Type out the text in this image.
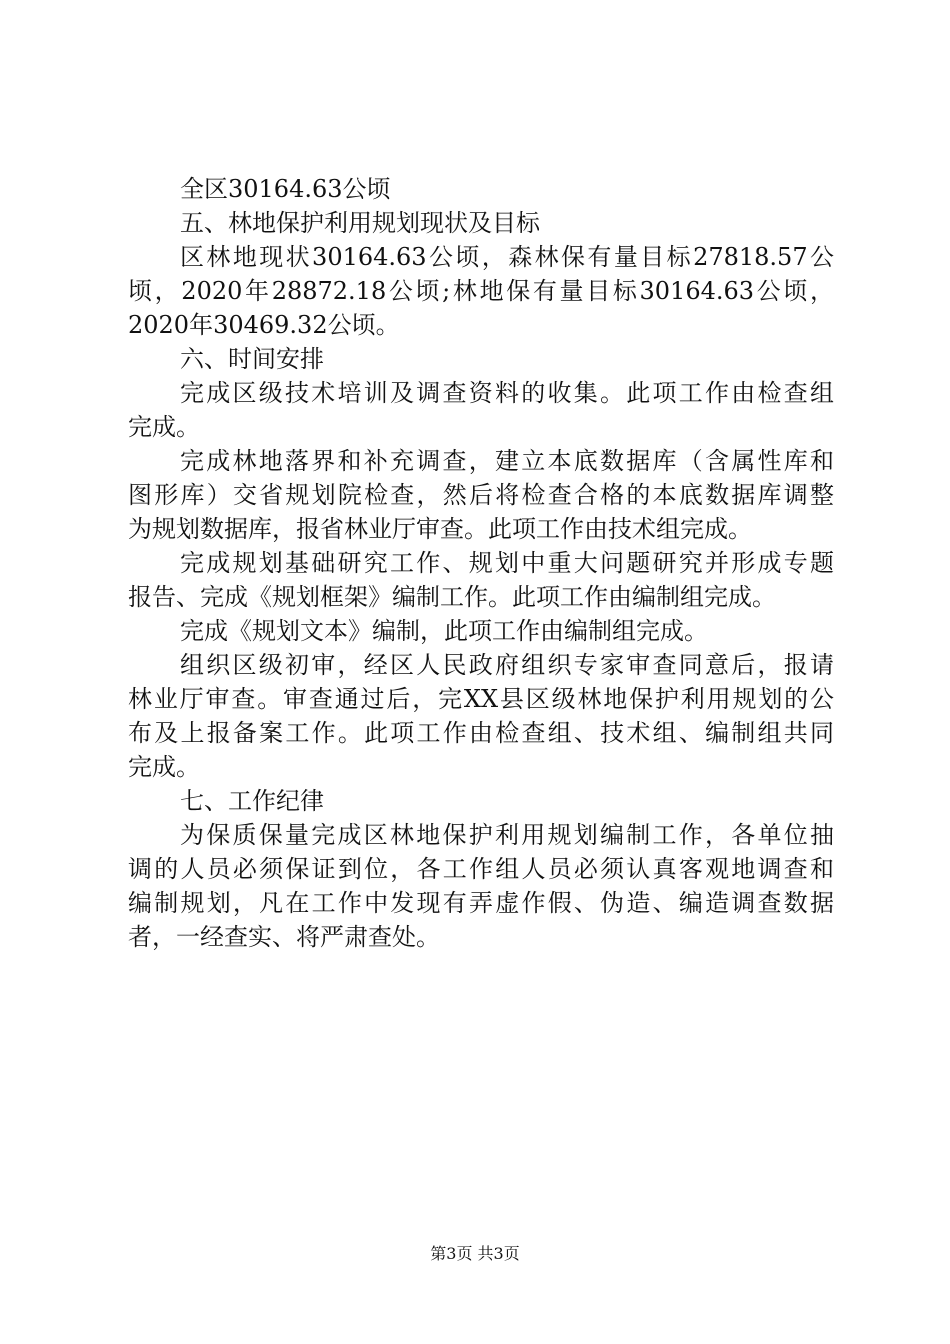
全区30164.63公顷
五、林地保护利用规划现状及目标
区林地现状30164.63公顷，森林保有量目标27818.57公
顷，2020年28872.18公顷;林地保有量目标30164.63公顷，
2020年30469.32公顷。
六、时间安排
完成区级技术培训及调查资料的收集。此项工作由检查组
完成。
完成林地落界和补充调查，建立本底数据库（含属性库和
图形库）交省规划院检查，然后将检查合格的本底数据库调整
为规划数据库，报省林业厅审查。此项工作由技术组完成。
完成规划基础研究工作、规划中重大问题研究并形成专题
报告、完成《规划框架》编制工作。此项工作由编制组完成。
完成《规划文本》编制，此项工作由编制组完成。
组织区级初审，经区人民政府组织专家审查同意后，报请
林业厅审查。审查通过后，完XX县区级林地保护利用规划的公
布及上报备案工作。此项工作由检查组、技术组、编制组共同
完成。
七、工作纪律
为保质保量完成区林地保护利用规划编制工作，各单位抽
调的人员必须保证到位，各工作组人员必须认真客观地调查和
编制规划，凡在工作中发现有弄虚作假、伪造、编造调查数据
者，一经查实、将严肃查处。
第3页 共3页
